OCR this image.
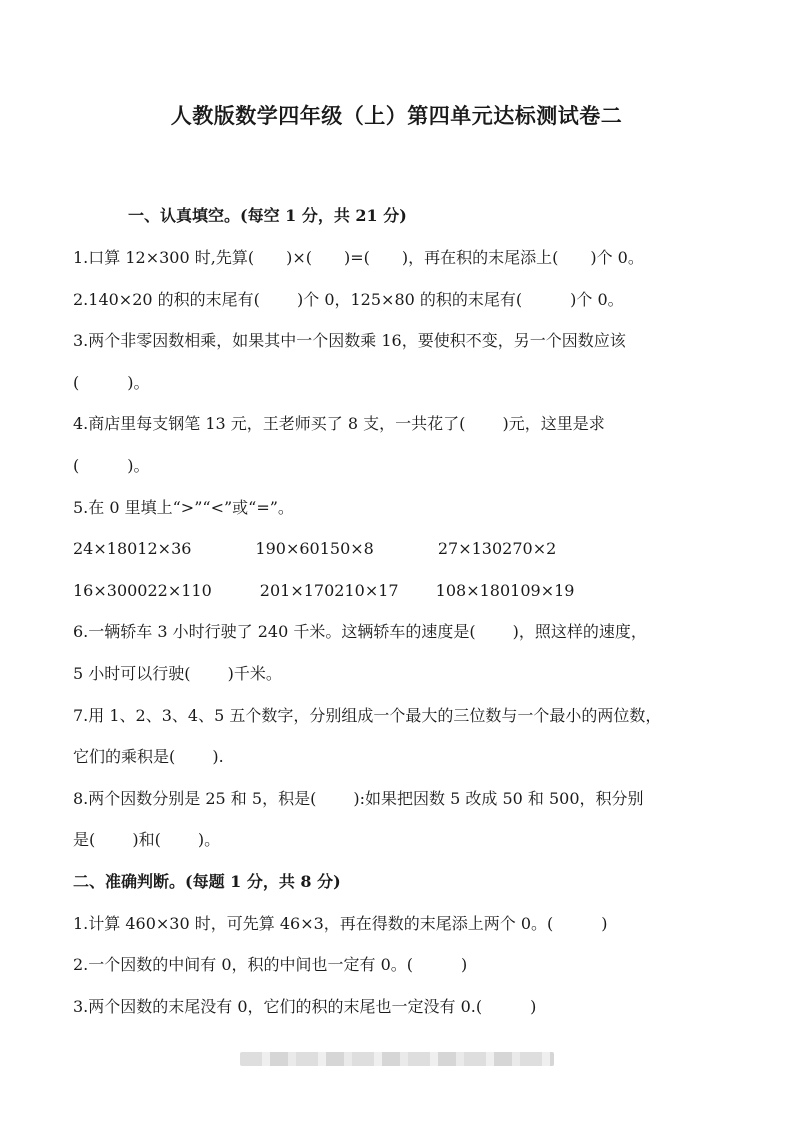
人教版数学四年级（上）第四单元达标测试卷二
一、认真填空。(每空 1 分，共 21 分)
1.口算 12×300 时,先算(　　)×(　　)=(　　)，再在积的末尾添上(　　)个 0。
2.140×20 的积的末尾有(　　 )个 0，125×80 的积的末尾有(　　　)个 0。
3.两个非零因数相乘，如果其中一个因数乘 16，要使积不变，另一个因数应该
(　　　)。
4.商店里每支钢笔 13 元，王老师买了 8 支，一共花了(　　 )元，这里是求
(　　　)。
5.在 0 里填上“>”“<”或“=”。
24×18012×36　　　　190×60150×8　　　　27×130270×2
16×300022×110　　　201×170210×17　　 108×180109×19
6.一辆轿车 3 小时行驶了 240 千米。这辆轿车的速度是(　　 )，照这样的速度，
5 小时可以行驶(　　 )千米。
7.用 1、2、3、4、5 五个数字，分别组成一个最大的三位数与一个最小的两位数，
它们的乘积是(　　 ).
8.两个因数分别是 25 和 5，积是(　　 ):如果把因数 5 改成 50 和 500，积分别
是(　　 )和(　　 )。
二、准确判断。(每题 1 分，共 8 分)
1.计算 460×30 时，可先算 46×3，再在得数的末尾添上两个 0。(　　　)
2.一个因数的中间有 0，积的中间也一定有 0。(　　　)
3.两个因数的末尾没有 0，它们的积的末尾也一定没有 0.(　　　)
